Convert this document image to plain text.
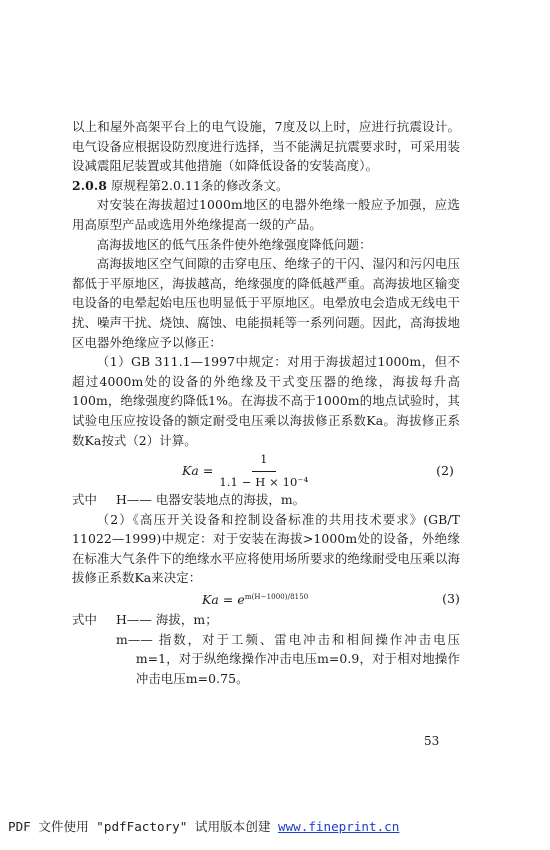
以上和屋外高架平台上的电气设施，7度及以上时，应进行抗震设计。电气设备应根据设防烈度进行选择，当不能满足抗震要求时，可采用装设减震阻尼装置或其他措施（如降低设备的安装高度）。

2.0.8 原规程第2.0.11条的修改条文。

对安装在海拔超过1000m地区的电器外绝缘一般应予加强，应选用高原型产品或选用外绝缘提高一级的产品。

高海拔地区的低气压条件使外绝缘强度降低问题：

高海拔地区空气间隙的击穿电压、绝缘子的干闪、湿闪和污闪电压都低于平原地区，海拔越高，绝缘强度的降低越严重。高海拔地区输变电设备的电晕起始电压也明显低于平原地区。电晕放电会造成无线电干扰、噪声干扰、烧蚀、腐蚀、电能损耗等一系列问题。因此，高海拔地区电器外绝缘应予以修正：

（1）GB 311.1—1997中规定：对用于海拔超过1000m，但不超过4000m处的设备的外绝缘及干式变压器的绝缘，海拔每升高100m，绝缘强度约降低1%。在海拔不高于1000m的地点试验时，其试验电压应按设备的额定耐受电压乘以海拔修正系数Ka。海拔修正系数Ka按式（2）计算。

$Ka = \frac{1}{\text{1.1 − H × 10⁻⁴}}$	(2)
式中	H—— 电器安装地点的海拔，m。

（2）《高压开关设备和控制设备标准的共用技术要求》(GB/T 11022—1999)中规定：对于安装在海拔>1000m处的设备，外绝缘在标准大气条件下的绝缘水平应将使用场所要求的绝缘耐受电压乘以海拔修正系数Ka来决定：

$Ka = e^{m(H-1000)/8150}$	(3)
式中	H—— 海拔，m；

m—— 指数，对于工频、雷电冲击和相间操作冲击电压m=1，对于纵绝缘操作冲击电压m=0.9，对于相对地操作冲击电压m=0.75。

53
PDF 文件使用 "pdfFactory" 试用版本创建 www.fineprint.cn
